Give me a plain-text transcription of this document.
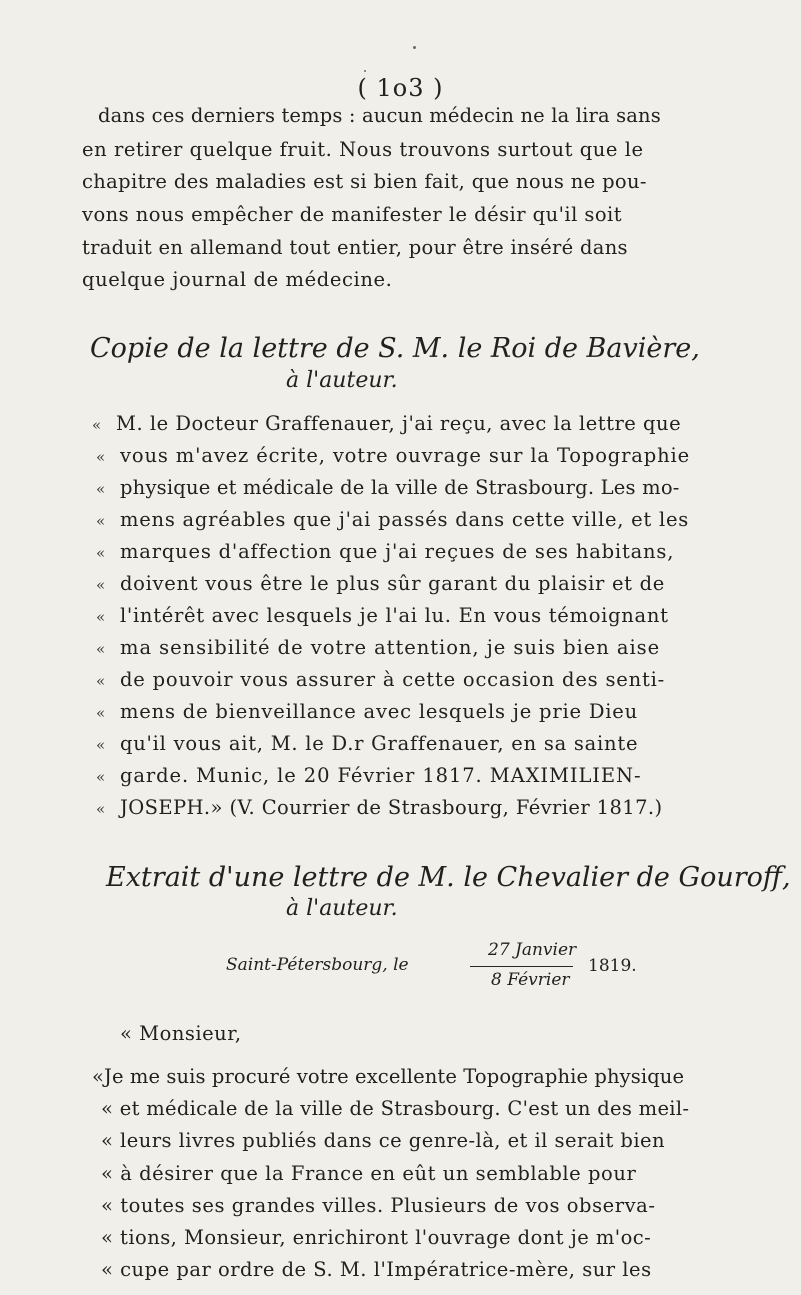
( 1o3 )
dans ces derniers temps : aucun médecin ne la lira sans
en retirer quelque fruit. Nous trouvons surtout que le
chapitre des maladies est si bien fait, que nous ne pou-
vons nous empêcher de manifester le désir qu'il soit
traduit en allemand tout entier, pour être inséré dans
quelque journal de médecine.
Copie de la lettre de S. M. le Roi de Bavière,
à l'auteur.
« M. le Docteur Graffenauer, j'ai reçu, avec la lettre que
« vous m'avez écrite, votre ouvrage sur la Topographie
« physique et médicale de la ville de Strasbourg. Les mo-
« mens agréables que j'ai passés dans cette ville, et les
« marques d'affection que j'ai reçues de ses habitans,
« doivent vous être le plus sûr garant du plaisir et de
« l'intérêt avec lesquels je l'ai lu. En vous témoignant
« ma sensibilité de votre attention, je suis bien aise
« de pouvoir vous assurer à cette occasion des senti-
« mens de bienveillance avec lesquels je prie Dieu
« qu'il vous ait, M. le D.r Graffenauer, en sa sainte
« garde. Munic, le 20 Février 1817. MAXIMILIEN-
« JOSEPH.» (V. Courrier de Strasbourg, Février 1817.)
Extrait d'une lettre de M. le Chevalier de Gouroff,
à l'auteur.
27 Janvier
Saint-Pétersbourg, le
8 Février
1819.
« Monsieur,
«Je me suis procuré votre excellente Topographie physique
« et médicale de la ville de Strasbourg. C'est un des meil-
« leurs livres publiés dans ce genre-là, et il serait bien
« à désirer que la France en eût un semblable pour
« toutes ses grandes villes. Plusieurs de vos observa-
« tions, Monsieur, enrichiront l'ouvrage dont je m'oc-
« cupe par ordre de S. M. l'Impératrice-mère, sur les
